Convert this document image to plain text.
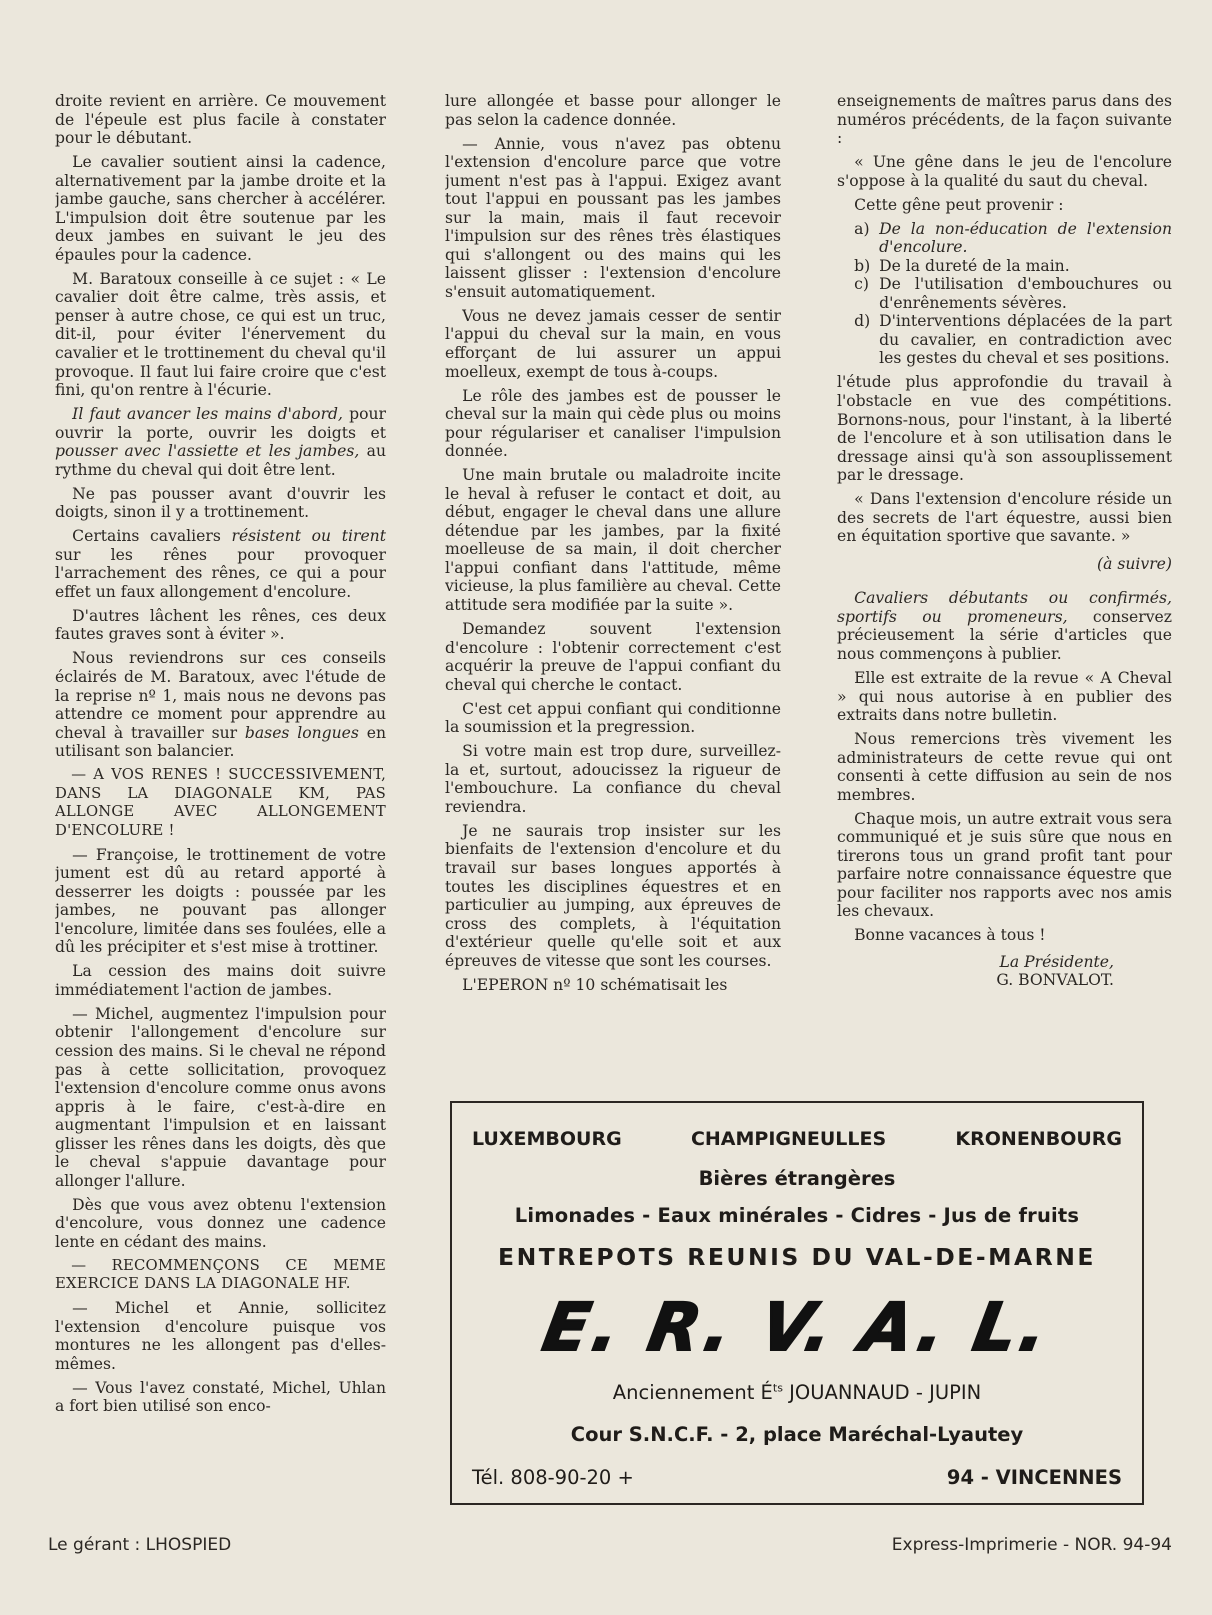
droite revient en arrière. Ce mouvement de l'épeule est plus facile à constater pour le débutant.

Le cavalier soutient ainsi la cadence, alternativement par la jambe droite et la jambe gauche, sans chercher à accélérer. L'impulsion doit être soutenue par les deux jambes en suivant le jeu des épaules pour la cadence.

M. Baratoux conseille à ce sujet : « Le cavalier doit être calme, très assis, et penser à autre chose, ce qui est un truc, dit-il, pour éviter l'énervement du cavalier et le trottinement du cheval qu'il provoque. Il faut lui faire croire que c'est fini, qu'on rentre à l'écurie.

Il faut avancer les mains d'abord, pour ouvrir la porte, ouvrir les doigts et pousser avec l'assiette et les jambes, au rythme du cheval qui doit être lent.

Ne pas pousser avant d'ouvrir les doigts, sinon il y a trottinement.

Certains cavaliers résistent ou tirent sur les rênes pour provoquer l'arrachement des rênes, ce qui a pour effet un faux allongement d'encolure.

D'autres lâchent les rênes, ces deux fautes graves sont à éviter ».

Nous reviendrons sur ces conseils éclairés de M. Baratoux, avec l'étude de la reprise nº 1, mais nous ne devons pas attendre ce moment pour apprendre au cheval à travailler sur bases longues en utilisant son balancier.

— A VOS RENES ! SUCCESSIVEMENT, DANS LA DIAGONALE KM, PAS ALLONGE AVEC ALLONGEMENT D'ENCOLURE !

— Françoise, le trottinement de votre jument est dû au retard apporté à desserrer les doigts : poussée par les jambes, ne pouvant pas allonger l'encolure, limitée dans ses foulées, elle a dû les précipiter et s'est mise à trottiner.

La cession des mains doit suivre immédiatement l'action de jambes.

— Michel, augmentez l'impulsion pour obtenir l'allongement d'encolure sur cession des mains. Si le cheval ne répond pas à cette sollicitation, provoquez l'extension d'encolure comme onus avons appris à le faire, c'est-à-dire en augmentant l'impulsion et en laissant glisser les rênes dans les doigts, dès que le cheval s'appuie davantage pour allonger l'allure.

Dès que vous avez obtenu l'extension d'encolure, vous donnez une cadence lente en cédant des mains.

— RECOMMENÇONS CE MEME EXERCICE DANS LA DIAGONALE HF.

— Michel et Annie, sollicitez l'extension d'encolure puisque vos montures ne les allongent pas d'elles-mêmes.

— Vous l'avez constaté, Michel, Uhlan a fort bien utilisé son enco-

lure allongée et basse pour allonger le pas selon la cadence donnée.

— Annie, vous n'avez pas obtenu l'extension d'encolure parce que votre jument n'est pas à l'appui. Exigez avant tout l'appui en poussant pas les jambes sur la main, mais il faut recevoir l'impulsion sur des rênes très élastiques qui s'allongent ou des mains qui les laissent glisser : l'extension d'encolure s'ensuit automatiquement.

Vous ne devez jamais cesser de sentir l'appui du cheval sur la main, en vous efforçant de lui assurer un appui moelleux, exempt de tous à-coups.

Le rôle des jambes est de pousser le cheval sur la main qui cède plus ou moins pour régulariser et canaliser l'impulsion donnée.

Une main brutale ou maladroite incite le heval à refuser le contact et doit, au début, engager le cheval dans une allure détendue par les jambes, par la fixité moelleuse de sa main, il doit chercher l'appui confiant dans l'attitude, même vicieuse, la plus familière au cheval. Cette attitude sera modifiée par la suite ».

Demandez souvent l'extension d'encolure : l'obtenir correctement c'est acquérir la preuve de l'appui confiant du cheval qui cherche le contact.

C'est cet appui confiant qui conditionne la soumission et la pregression.

Si votre main est trop dure, surveillez-la et, surtout, adoucissez la rigueur de l'embouchure. La confiance du cheval reviendra.

Je ne saurais trop insister sur les bienfaits de l'extension d'encolure et du travail sur bases longues apportés à toutes les disciplines équestres et en particulier au jumping, aux épreuves de cross des complets, à l'équitation d'extérieur quelle qu'elle soit et aux épreuves de vitesse que sont les courses.

L'EPERON nº 10 schématisait les

enseignements de maîtres parus dans des numéros précédents, de la façon suivante :

« Une gêne dans le jeu de l'encolure s'oppose à la qualité du saut du cheval.

Cette gêne peut provenir :

a) De la non-éducation de l'extension d'encolure.
b) De la dureté de la main.
c) De l'utilisation d'embouchures ou d'enrênements sévères.
d) D'interventions déplacées de la part du cavalier, en contradiction avec les gestes du cheval et ses positions.

l'étude plus approfondie du travail à l'obstacle en vue des compétitions. Bornons-nous, pour l'instant, à la liberté de l'encolure et à son utilisation dans le dressage ainsi qu'à son assouplissement par le dressage.

« Dans l'extension d'encolure réside un des secrets de l'art équestre, aussi bien en équitation sportive que savante. »

(à suivre)

Cavaliers débutants ou confirmés, sportifs ou promeneurs, conservez précieusement la série d'articles que nous commençons à publier.

Elle est extraite de la revue « A Cheval » qui nous autorise à en publier des extraits dans notre bulletin.

Nous remercions très vivement les administrateurs de cette revue qui ont consenti à cette diffusion au sein de nos membres.

Chaque mois, un autre extrait vous sera communiqué et je suis sûre que nous en tirerons tous un grand profit tant pour parfaire notre connaissance équestre que pour faciliter nos rapports avec nos amis les chevaux.

Bonne vacances à tous !

La Présidente,

G. BONVALOT.

LUXEMBOURG	CHAMPIGNEULLES	KRONENBOURG
Bières étrangères
Limonades - Eaux minérales - Cidres - Jus de fruits
ENTREPOTS REUNIS DU VAL-DE-MARNE
E. R. V. A. L.
Anciennement $É^{ts}$ JOUANNAUD - JUPIN
Cour S.N.C.F. - 2, place Maréchal-Lyautey
Tél. 808-90-20 +	94 - VINCENNES
Le gérant : LHOSPIED	Express-Imprimerie - NOR. 94-94
